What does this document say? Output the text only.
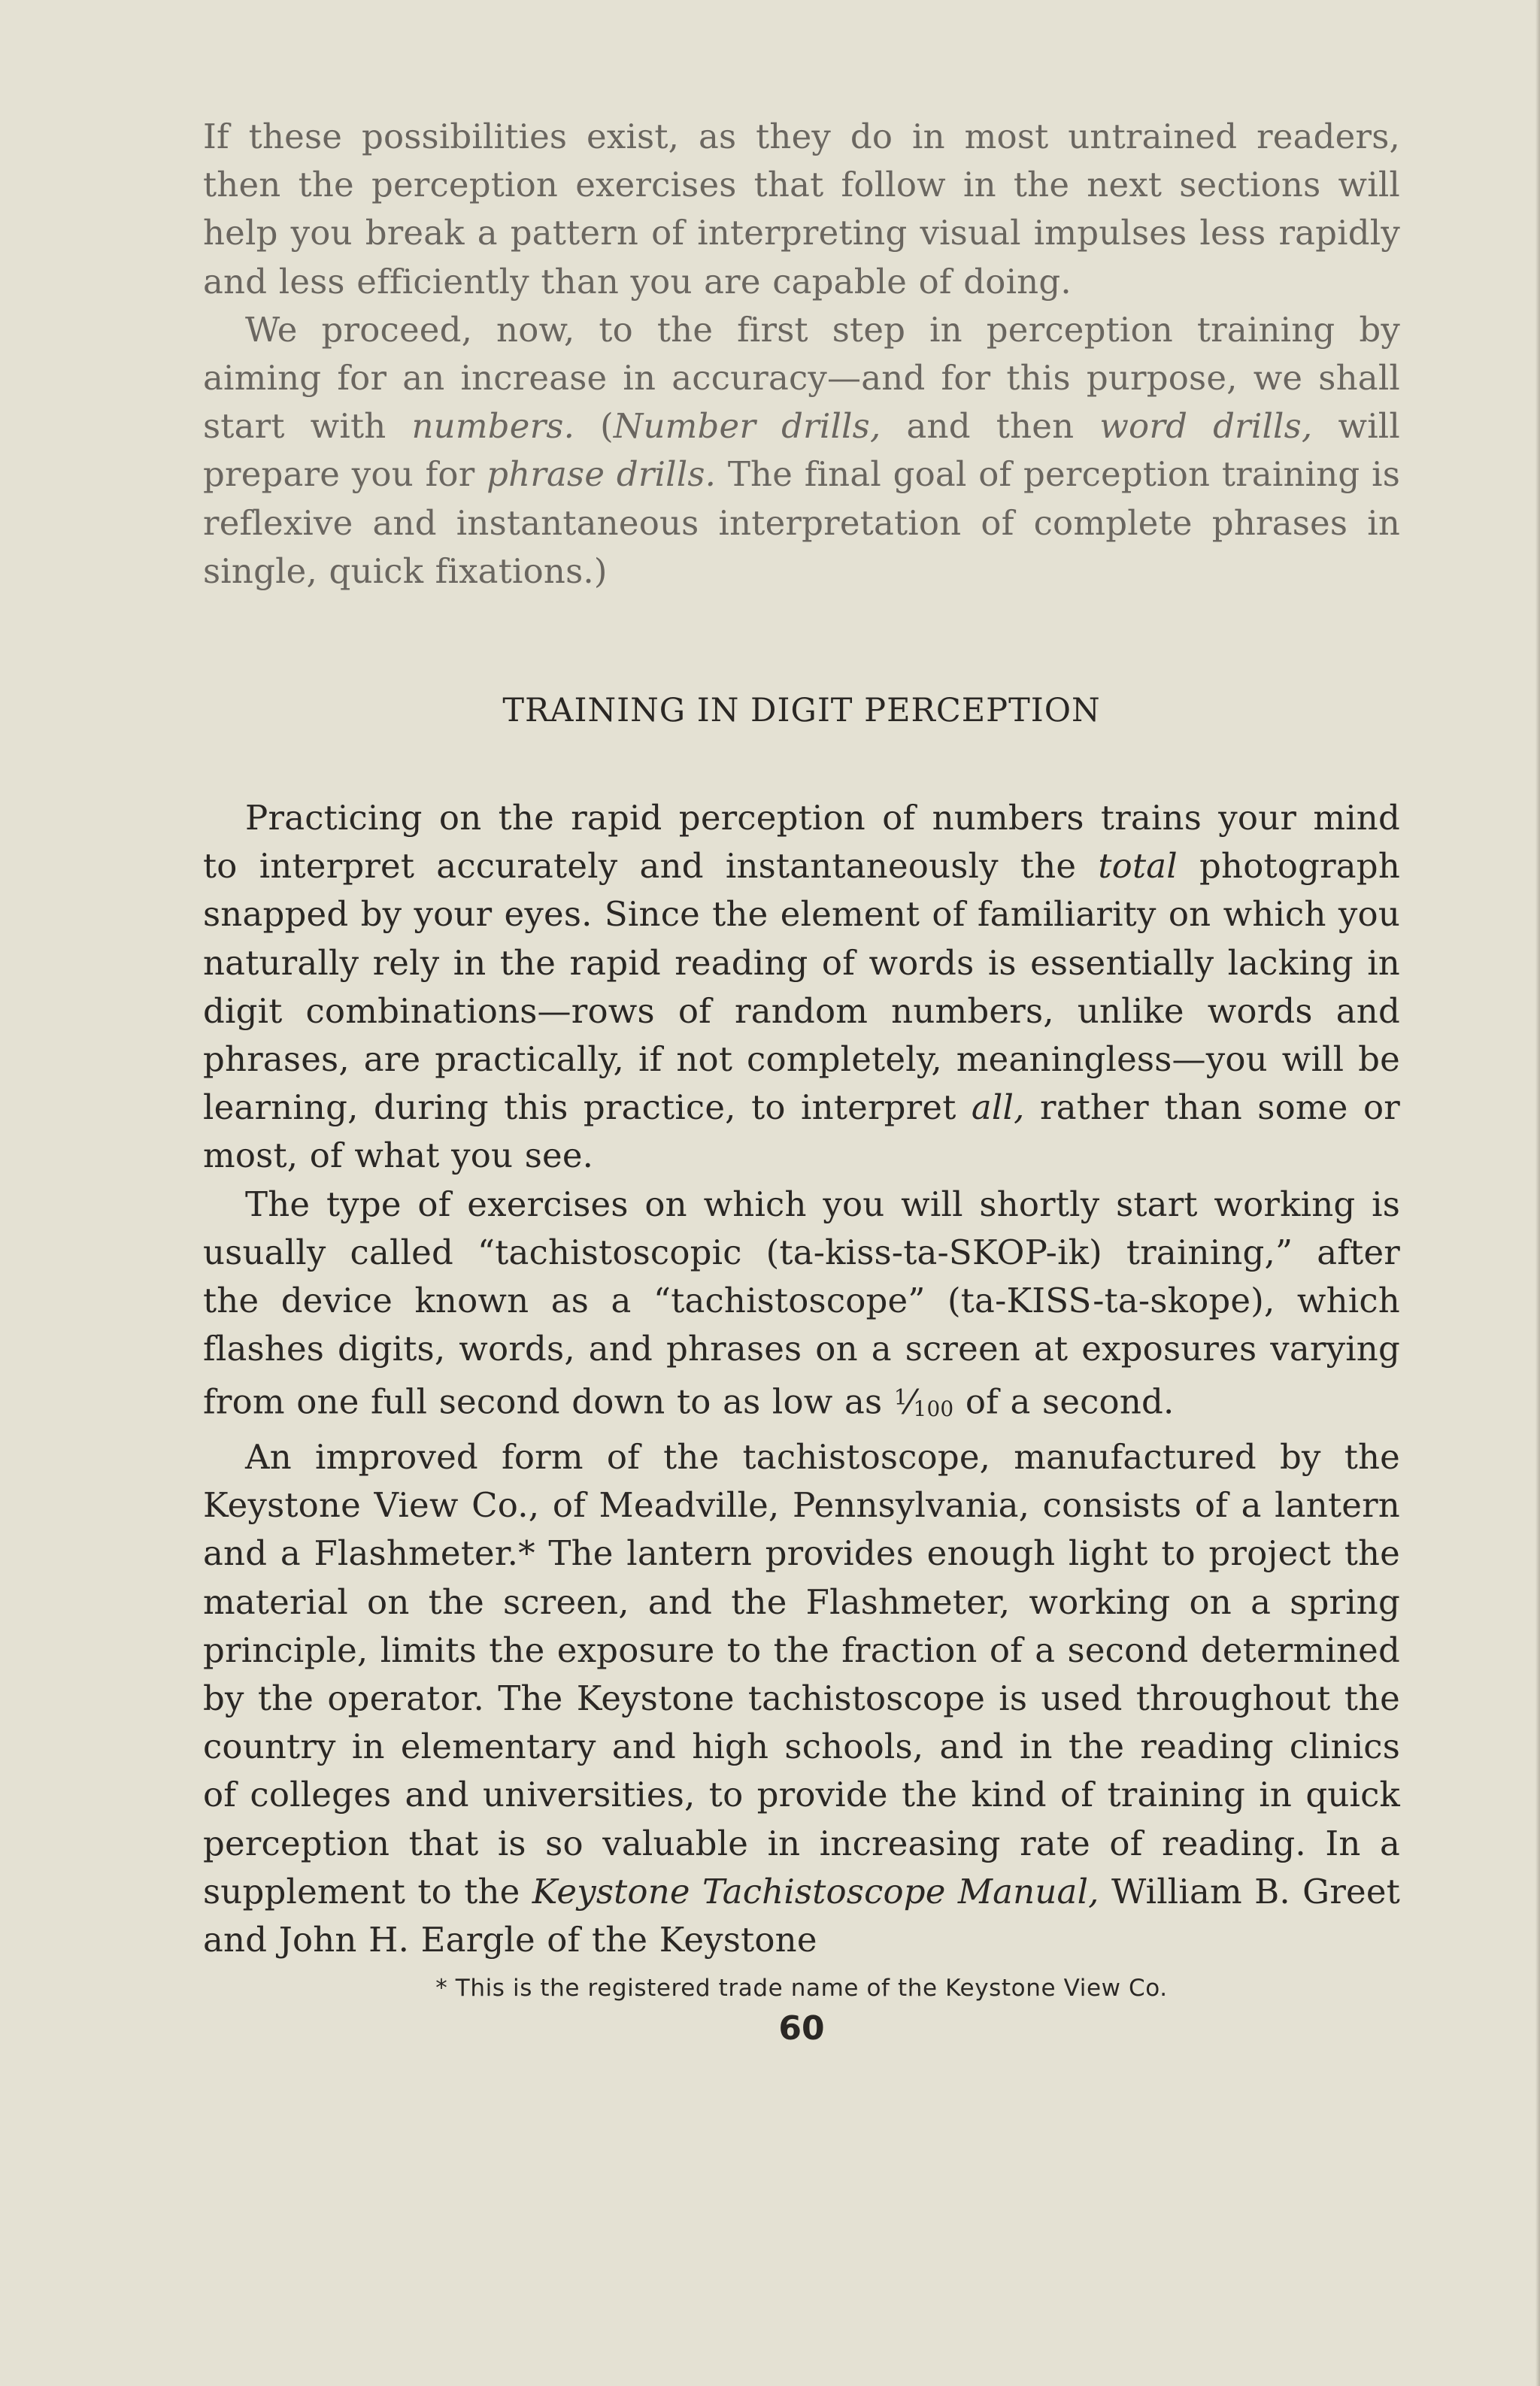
If these possibilities exist, as they do in most untrained readers, then the perception exercises that follow in the next sections will help you break a pattern of interpreting visual impulses less rapidly and less efficiently than you are capable of doing.

We proceed, now, to the first step in perception training by aiming for an increase in accuracy—and for this purpose, we shall start with numbers. (Number drills, and then word drills, will prepare you for phrase drills. The final goal of perception training is reflexive and instantaneous interpretation of complete phrases in single, quick fixations.)

TRAINING IN DIGIT PERCEPTION

Practicing on the rapid perception of numbers trains your mind to interpret accurately and instantaneously the total photograph snapped by your eyes. Since the element of familiarity on which you naturally rely in the rapid reading of words is essentially lacking in digit combinations—rows of random numbers, unlike words and phrases, are practically, if not completely, meaningless—you will be learning, during this practice, to interpret all, rather than some or most, of what you see.

The type of exercises on which you will shortly start working is usually called “tachistoscopic (ta-kiss-ta-SKOP-ik) training,” after the device known as a “tachistoscope” (ta-KISS-ta-skope), which flashes digits, words, and phrases on a screen at exposures varying from one full second down to as low as $^1$⁄100 of a second.

An improved form of the tachistoscope, manufactured by the Keystone View Co., of Meadville, Pennsylvania, consists of a lantern and a Flashmeter.* The lantern provides enough light to project the material on the screen, and the Flashmeter, working on a spring principle, limits the exposure to the fraction of a second determined by the operator. The Keystone tachistoscope is used throughout the country in elementary and high schools, and in the reading clinics of colleges and universities, to provide the kind of training in quick perception that is so valuable in increasing rate of reading. In a supplement to the Keystone Tachistoscope Manual, William B. Greet and John H. Eargle of the Keystone

* This is the registered trade name of the Keystone View Co.
60
